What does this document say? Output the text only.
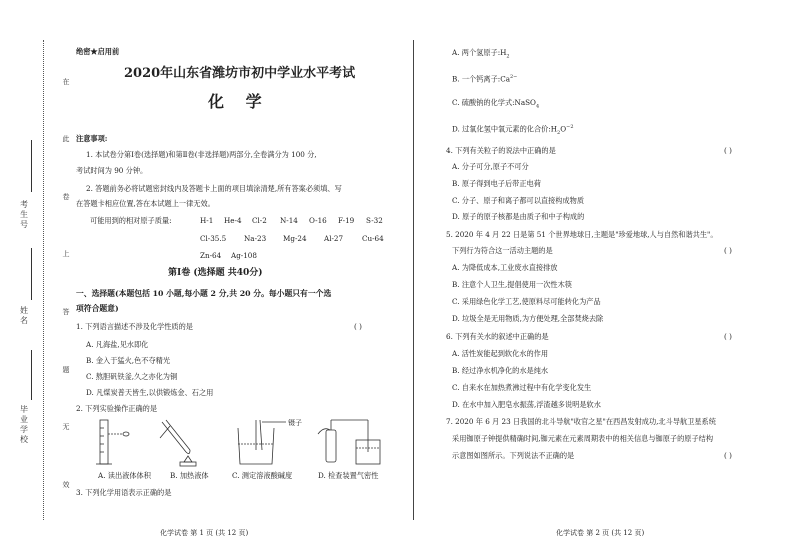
在
此
卷
上
答
题
无
效
考生号
姓名
毕业学校
绝密★启用前
2020年山东省潍坊市初中学业水平考试
化 学
注意事项:
1. 本试卷分第Ⅰ卷(选择题)和第Ⅱ卷(非选择题)两部分,全卷满分为 100 分,
考试时间为 90 分钟。
2. 答题前务必将试题密封线内及答题卡上面的项目填涂清楚,所有答案必须填、写
在答题卡相应位置,答在本试题上一律无效。
可能用到的相对原子质量:	H-1 He-4 Cl-2 N-14 O-16 F-19 S-32
Cl-35.5 Na-23 Mg-24 Al-27	Cu-64
Zn-64 Ag-108
第Ⅰ卷 (选择题 共40分)
一、选择题(本题包括 10 小题,每小题 2 分,共 20 分。每小题只有一个选
项符合题意)
1. 下列语言描述不涉及化学性质的是	( )
A. 凡海盐,见水即化
B. 金入于猛火,色不夺精光
C. 熬胆矾铁釜,久之亦化为铜
D. 凡煤炭普天皆生,以供锻炼金、石之用
2. 下列实验操作正确的是
镊子
A. 读出液体体积	B. 加热液体	C. 测定溶液酸碱度	D. 检查装置气密性
3. 下列化学用语表示正确的是
化学试卷 第 1 页 (共 12 页)
A. 两个氢原子$:H_2$
B. 一个钙离子$:Ca^{2-}$
C. 硫酸钠的化学式:NaSO$_4$
D. 过氧化氢中氧元素的化合价$:H_2O^{-2}$
4. 下列有关粒子的说法中正确的是	( )
A. 分子可分,原子不可分
B. 原子得到电子后带正电荷
C. 分子、原子和离子都可以直接构成物质
D. 原子的原子核都是由质子和中子构成的
5. 2020 年 4 月 22 日是第 51 个世界地球日,主题是"珍爱地球,人与自然和谐共生"。
下列行为符合这一活动主题的是	( )
A. 为降低成本,工业废水直接排放
B. 注意个人卫生,提倡使用一次性木筷
C. 采用绿色化学工艺,使原料尽可能转化为产品
D. 垃圾全是无用物质,为方便处理,全部焚烧去除
6. 下列有关水的叙述中正确的是	( )
A. 活性炭能起到软化水的作用
B. 经过净水机净化的水是纯水
C. 自来水在加热煮沸过程中有化学变化发生
D. 在水中加入肥皂水振荡,浮渣越多说明是软水
7. 2020 年 6 月 23 日我国的北斗导航"收官之星"在西昌发射成功,北斗导航卫星系统
采用铷原子钟提供精确时间,铷元素在元素周期表中的相关信息与铷原子的原子结构
示意图如图所示。下列说法不正确的是	( )
化学试卷 第 2 页 (共 12 页)
